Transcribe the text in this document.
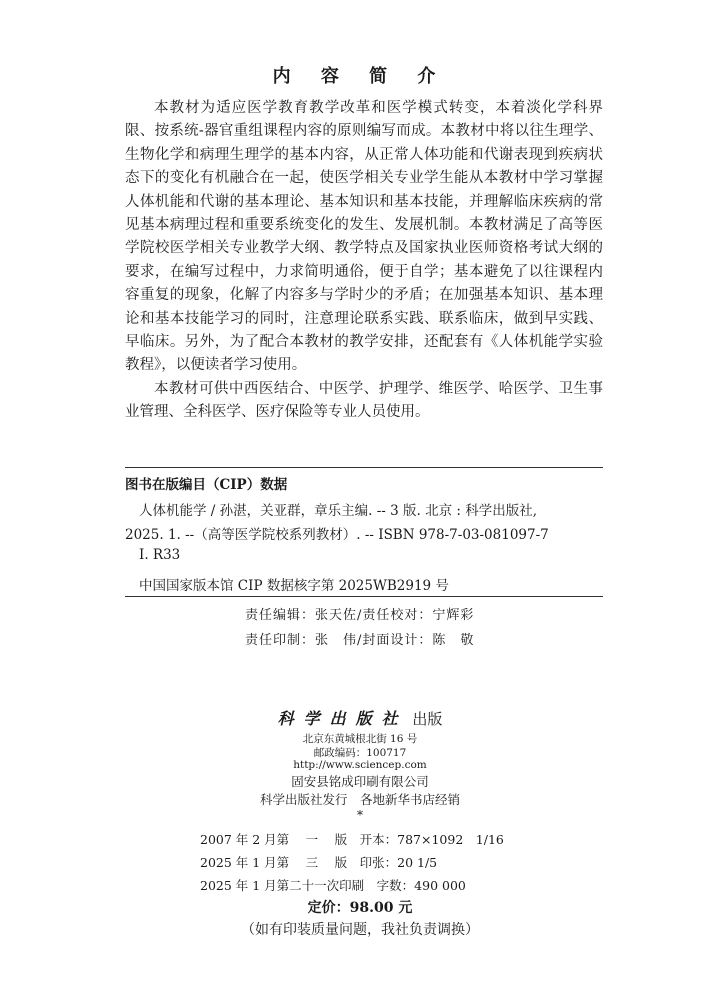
内 容 简 介

本教材为适应医学教育教学改革和医学模式转变，本着淡化学科界限、按系统-器官重组课程内容的原则编写而成。本教材中将以往生理学、生物化学和病理生理学的基本内容，从正常人体功能和代谢表现到疾病状态下的变化有机融合在一起，使医学相关专业学生能从本教材中学习掌握人体机能和代谢的基本理论、基本知识和基本技能，并理解临床疾病的常见基本病理过程和重要系统变化的发生、发展机制。本教材满足了高等医学院校医学相关专业教学大纲、教学特点及国家执业医师资格考试大纲的要求，在编写过程中，力求简明通俗，便于自学；基本避免了以往课程内容重复的现象，化解了内容多与学时少的矛盾；在加强基本知识、基本理论和基本技能学习的同时，注意理论联系实践、联系临床，做到早实践、早临床。另外，为了配合本教材的教学安排，还配套有《人体机能学实验教程》，以便读者学习使用。

本教材可供中西医结合、中医学、护理学、维医学、哈医学、卫生事业管理、全科医学、医疗保险等专业人员使用。

图书在版编目（CIP）数据
人体机能学 / 孙湛，关亚群，章乐主编. -- 3 版. 北京 : 科学出版社,
2025. 1. --（高等医学院校系列教材）. -- ISBN 978-7-03-081097-7
Ⅰ. R33
中国国家版本馆 CIP 数据核字第 2025WB2919 号
责任编辑：张天佐/责任校对：宁辉彩
责任印制：张　伟/封面设计：陈　敬
科学出版社 出版
北京东黄城根北街 16 号
邮政编码：100717
http://www.sciencep.com
固安县铭成印刷有限公司
科学出版社发行　各地新华书店经销
*
2007 年 2 月第　 一　 版　开本：787×1092　1/16
2025 年 1 月第　 三　 版　印张：20 1/5
2025 年 1 月第二十一次印刷　字数：490 000
定价：98.00 元
（如有印装质量问题，我社负责调换）
